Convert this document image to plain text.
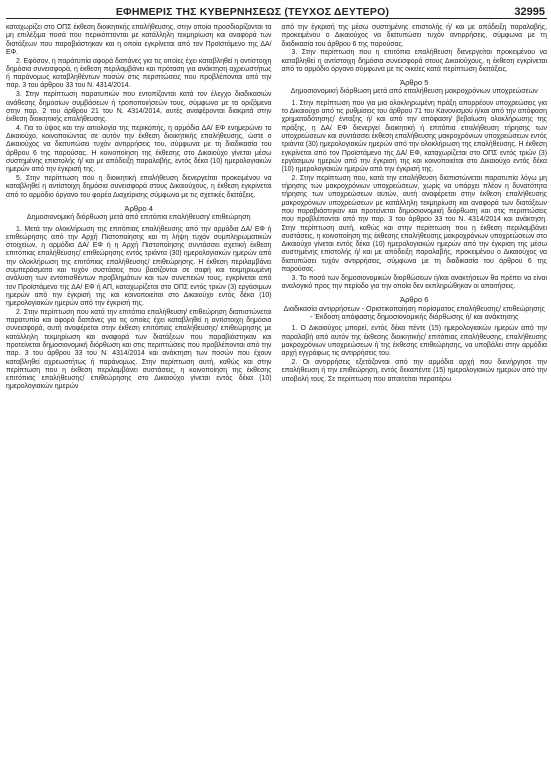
ΕΦΗΜΕΡΙΣ ΤΗΣ ΚΥΒΕΡΝΗΣΕΩΣ (ΤΕΥΧΟΣ ΔΕΥΤΕΡΟ)	32995

καταχωρίζει στο ΟΠΣ έκθεση διοικητικής επαλήθευσης, στην οποία προσδιορίζονται τα μη επιλέξιμα ποσά που περικόπτονται με κατάλληλη τεκμηρίωση και αναφορά των διατάξεων που παραβιάστηκαν και η οποία εγκρίνεται από τον Προϊστάμενο της ΔΑ/ ΕΦ.

2. Εφόσον, η παράτυπία αφορά δαπάνες για τις οποίες έχει καταβληθεί η αντίστοιχη δημόσια συνεισφορά, η έκθεση περιλαμβάνει και πρόταση για ανάκτηση αχρεωστήτως ή παράνομως καταβληθέντων ποσών στις περιπτώσεις που προβλέπονται από την παρ. 3 του άρθρου 33 του Ν. 4314/2014.

3. Στην περίπτωση παρατυπιών που εντοπίζονται κατά τον έλεγχο διαδικασιών ανάθεσης δημοσίων συμβάσεων ή τροποποιήσεών τους, σύμφωνα με τα οριζόμενα στην παρ. 2 του άρθρου 21 του Ν. 4314/2014, αυτές αναφέρονται διακριτά στην έκθεση διοικητικής επαλήθευσης.

4. Για το ύψος και την αιτιολογία της περικοπής, η αρμόδια ΔΑ/ ΕΦ ενημερώνει το Δικαιούχο, κοινοποιώντας σε αυτόν την έκθεση διοικητικής επαλήθευσης, ώστε ο Δικαιούχος να διατυπώσει τυχόν αντιρρήσεις του, σύμφωνα με τη διαδικασία του άρθρου 6 της παρούσας. Η κοινοποίηση της έκθεσης στο Δικαιούχο γίνεται μέσω συστημένης επιστολής ή/ και με απόδειξη παραλαβής, εντός δέκα (10) ημερολογιακών ημερών από την έγκρισή της.

5. Στην περίπτωση που η διοικητική επαλήθευση διενεργείται προκειμένου να καταβληθεί η αντίστοιχη δημόσια συνεισφορά στους Δικαιούχους, η έκθεση εγκρίνεται από το αρμόδιο όργανο του φορέα Διαχείρισης σύμφωνα με τις σχετικές διατάξεις.

Άρθρο 4
Δημοσιονομική διόρθωση μετά από επιτόπια επαλήθευση/ επιθεώρηση

1. Μετά την ολοκλήρωση της επιτόπιας επαλήθευσης από την αρμόδια ΔΑ/ ΕΦ ή επιθεώρησης από την Αρχή Πιστοποίησης και τη λήψη τυχόν συμπληρωματικών στοιχείων, η αρμόδια ΔΑ/ ΕΦ ή η Αρχή Πιστοποίησης συντάσσει σχετική έκθεση επιτόπιας επαλήθευσης/ επιθεώρησης εντός τριάντα (30) ημερολογιακών ημερών από την ολοκλήρωση της επιτόπιας επαλήθευσης/ επιθεώρησης. Η έκθεση περιλαμβάνει συμπεράσματα και τυχόν συστάσεις που βασίζονται σε σαφή και τεκμηριωμένη ανάλυση των εντοπισθέντων προβλημάτων και των συνεπειών τους, εγκρίνεται από τον Προϊστάμενο της ΔΑ/ ΕΦ ή ΑΠ, καταχωρίζεται στο ΟΠΣ εντός τριών (3) εργάσιμων ημερών από την έγκρισή της και κοινοποιείται στο Δικαιούχο εντός δέκα (10) ημερολογιακών ημερών από την έγκρισή της.

2. Στην περίπτωση που κατά την επιτόπια επαλήθευση/ επιθεώρηση διαπιστώνεται παρατυπία και αφορά δαπάνες για τις οποίες έχει καταβληθεί η αντίστοιχη δημόσια συνεισφορά, αυτή αναφέρεται στην έκθεση επιτόπιας επαλήθευσης/ επιθεώρησης με κατάλληλη τεκμηρίωση και αναφορά των διατάξεων που παραβιάστηκαν και προτείνεται δημοσιονομική διόρθωση και στις περιπτώσεις που προβλέπονται από την παρ. 3 του άρθρου 33 του Ν. 4314/2014 και ανάκτηση των ποσών που έχουν καταβληθεί αχρεωστήτως ή παράνομως. Στην περίπτωση αυτή, καθώς και στην περίπτωση που η έκθεση περιλαμβάνει συστάσεις, η κοινοποίηση της έκθεσης επιτόπιας επαλήθευσης/ επιθεώρησης στο Δικαιούχο γίνεται εντός δέκα (10) ημερολογιακών ημερών

από την έγκρισή της μέσω συστημένης επιστολής ή/ και με απόδειξη παραλαβής, προκειμένου ο Δικαιούχος να διατυπώσει τυχόν αντιρρήσεις, σύμφωνα με τη διαδικασία του άρθρου 6 της παρούσας.

3. Στην περίπτωση που η επιτόπια επαλήθευση διενεργείται προκειμένου να καταβληθεί η αντίστοιχη δημόσια συνεισφορά στους Δικαιούχους, η έκθεση εγκρίνεται από το αρμόδιο όργανο σύμφωνα με τις οικείες κατά περίπτωση διατάξεις.

Άρθρο 5
Δημοσιονομική διόρθωση μετά από επαλήθευση μακροχρόνιων υποχρεώσεων

1. Στην περίπτωση που για μια ολοκληρωμένη πράξη απορρέουν υποχρεώσεις για το Δικαιούχο από τις ρυθμίσεις του άρθρου 71 του Κανονισμού ή/και από την απόφαση χρηματοδότησης/ ένταξης ή/ και από την απόφαση/ βεβαίωση ολοκλήρωσης της πράξης, η ΔΑ/ ΕΦ διενεργεί διοικητική ή επιτόπια επαλήθευση τήρησης των υποχρεώσεων και συντάσσει έκθεση επαλήθευσης μακροχρόνιων υποχρεώσεων εντός τριάντα (30) ημερολογιακών ημερών από την ολοκλήρωση της επαλήθευσης. Η έκθεση εγκρίνεται από τον Προϊστάμενο της ΔΑ/ ΕΦ, καταχωρίζεται στο ΟΠΣ εντός τριών (3) εργάσιμων ημερών από την έγκρισή της και κοινοποιείται στο Δικαιούχο εντός δέκα (10) ημερολογιακών ημερών από την έγκρισή της.

2. Στην περίπτωση που, κατά την επαλήθευση διαπιστώνεται παρατυπία λόγω μη τήρησης των μακροχρόνιων υποχρεώσεων, χωρίς να υπάρχει πλέον η δυνατότητα τήρησης των υποχρεώσεων αυτών, αυτή αναφέρεται στην έκθεση επαλήθευσης μακροχρόνιων υποχρεώσεων με κατάλληλη τεκμηρίωση και αναφορά των διατάξεων που παραβιάστηκαν και προτείνεται δημοσιονομική διόρθωση και στις περιπτώσεις που προβλέπονται από την παρ. 3 του άρθρου 33 του Ν. 4314/2014 και ανάκτηση. Στην περίπτωση αυτή, καθώς και στην περίπτωση που η έκθεση περιλαμβάνει συστάσεις, η κοινοποίηση της έκθεσης επαλήθευσης μακροχρόνιων υποχρεώσεων στο Δικαιούχο γίνεται εντός δέκα (10) ημερολογιακών ημερών από την έγκριση της μέσω συστημένης επιστολής ή/ και με απόδειξη παραλαβής, προκειμένου ο Δικαιούχος να διατυπώσει τυχόν αντιρρήσεις, σύμφωνα με τη διαδικασία του άρθρου 6 της παρούσας.

3. Το ποσό των δημοσιονομικών διορθώσεων ή/και ανακτήσεων θα πρέπει να είναι αναλογικό προς την περίοδο για την οποία δεν εκπληρώθηκαν οι απαιτήσεις.

Άρθρο 6
Διαδικασία αντιρρήσεων - Οριστικοποίηση πορίσματος επαλήθευσης/ επιθεώρησης - Έκδοση απόφασης δημοσιονομικής διόρθωσης ή/ και ανάκτησης

1. Ο Δικαιούχος μπορεί, εντός δέκα πέντε (15) ημερολογιακών ημερών από την παραλαβή από αυτόν της έκθεσης διοικητικής/ επιτόπιας επαλήθευσης, επαλήθευσης μακροχρόνιων υποχρεώσεων ή της έκθεσης επιθεώρησης, να υποβάλει στην αρμόδια αρχή εγγράφως τις αντιρρήσεις του.

2. Οι αντιρρήσεις εξετάζονται από την αρμόδια αρχή που διενήργησε την επαλήθευση ή την επιθεώρηση, εντός δεκαπέντε (15) ημερολογιακών ημερών από την υποβολή τους. Σε περίπτωση που απαιτείται περαιτέρω
